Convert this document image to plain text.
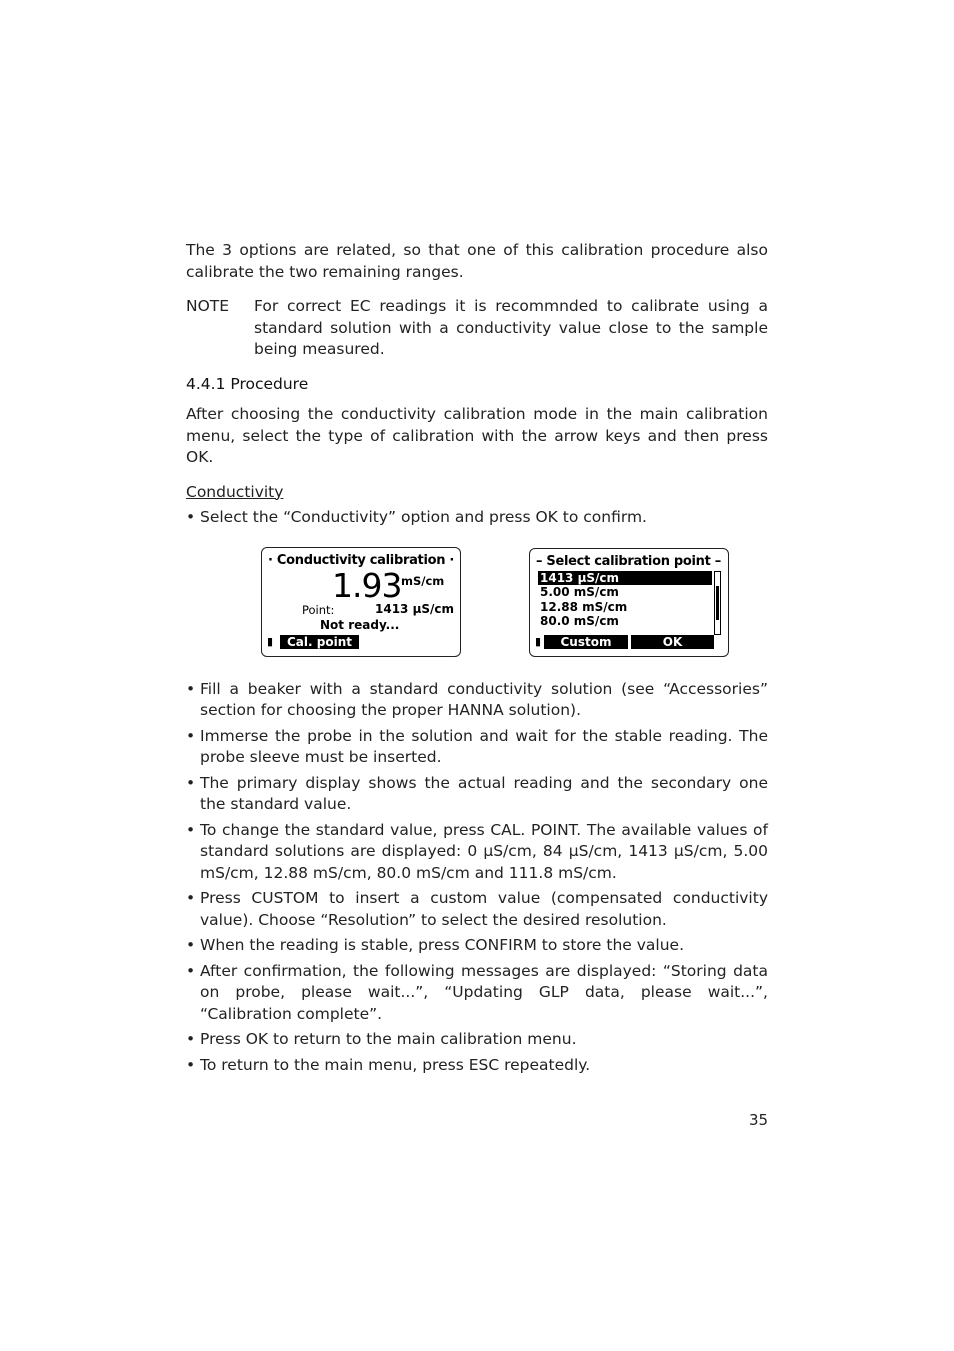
The 3 options are related, so that one of this calibration procedure also calibrate the two remaining ranges.

NOTE	For correct EC readings it is recommnded to calibrate using a standard solution with a conductivity value close to the sample being measured.

4.4.1 Procedure

After choosing the conductivity calibration mode in the main calibration menu, select the type of calibration with the arrow keys and then press OK.

Conductivity
• Select the “Conductivity” option and press OK to confirm.

· Conductivity calibration ·
1.93 mS/cm
Point:	1413 µS/cm
Not ready...
▮	Cal. point
– Select calibration point –
1413 µS/cm
5.00 mS/cm
12.88 mS/cm
80.0 mS/cm
▮	Custom	OK
• Fill a beaker with a standard conductivity solution (see “Accessories” section for choosing the proper HANNA solution).

• Immerse the probe in the solution and wait for the stable reading. The probe sleeve must be inserted.

• The primary display shows the actual reading and the secondary one the standard value.

• To change the standard value, press CAL. POINT. The available values of standard solutions are displayed: 0 µS/cm, 84 µS/cm, 1413 µS/cm, 5.00 mS/cm, 12.88 mS/cm, 80.0 mS/cm and 111.8 mS/cm.

• Press CUSTOM to insert a custom value (compensated conductivity value). Choose “Resolution” to select the desired resolution.

• When the reading is stable, press CONFIRM to store the value.

• After confirmation, the following messages are displayed: “Storing data on probe, please wait...”, “Updating GLP data, please wait...”, “Calibration complete”.

• Press OK to return to the main calibration menu.

• To return to the main menu, press ESC repeatedly.

35
